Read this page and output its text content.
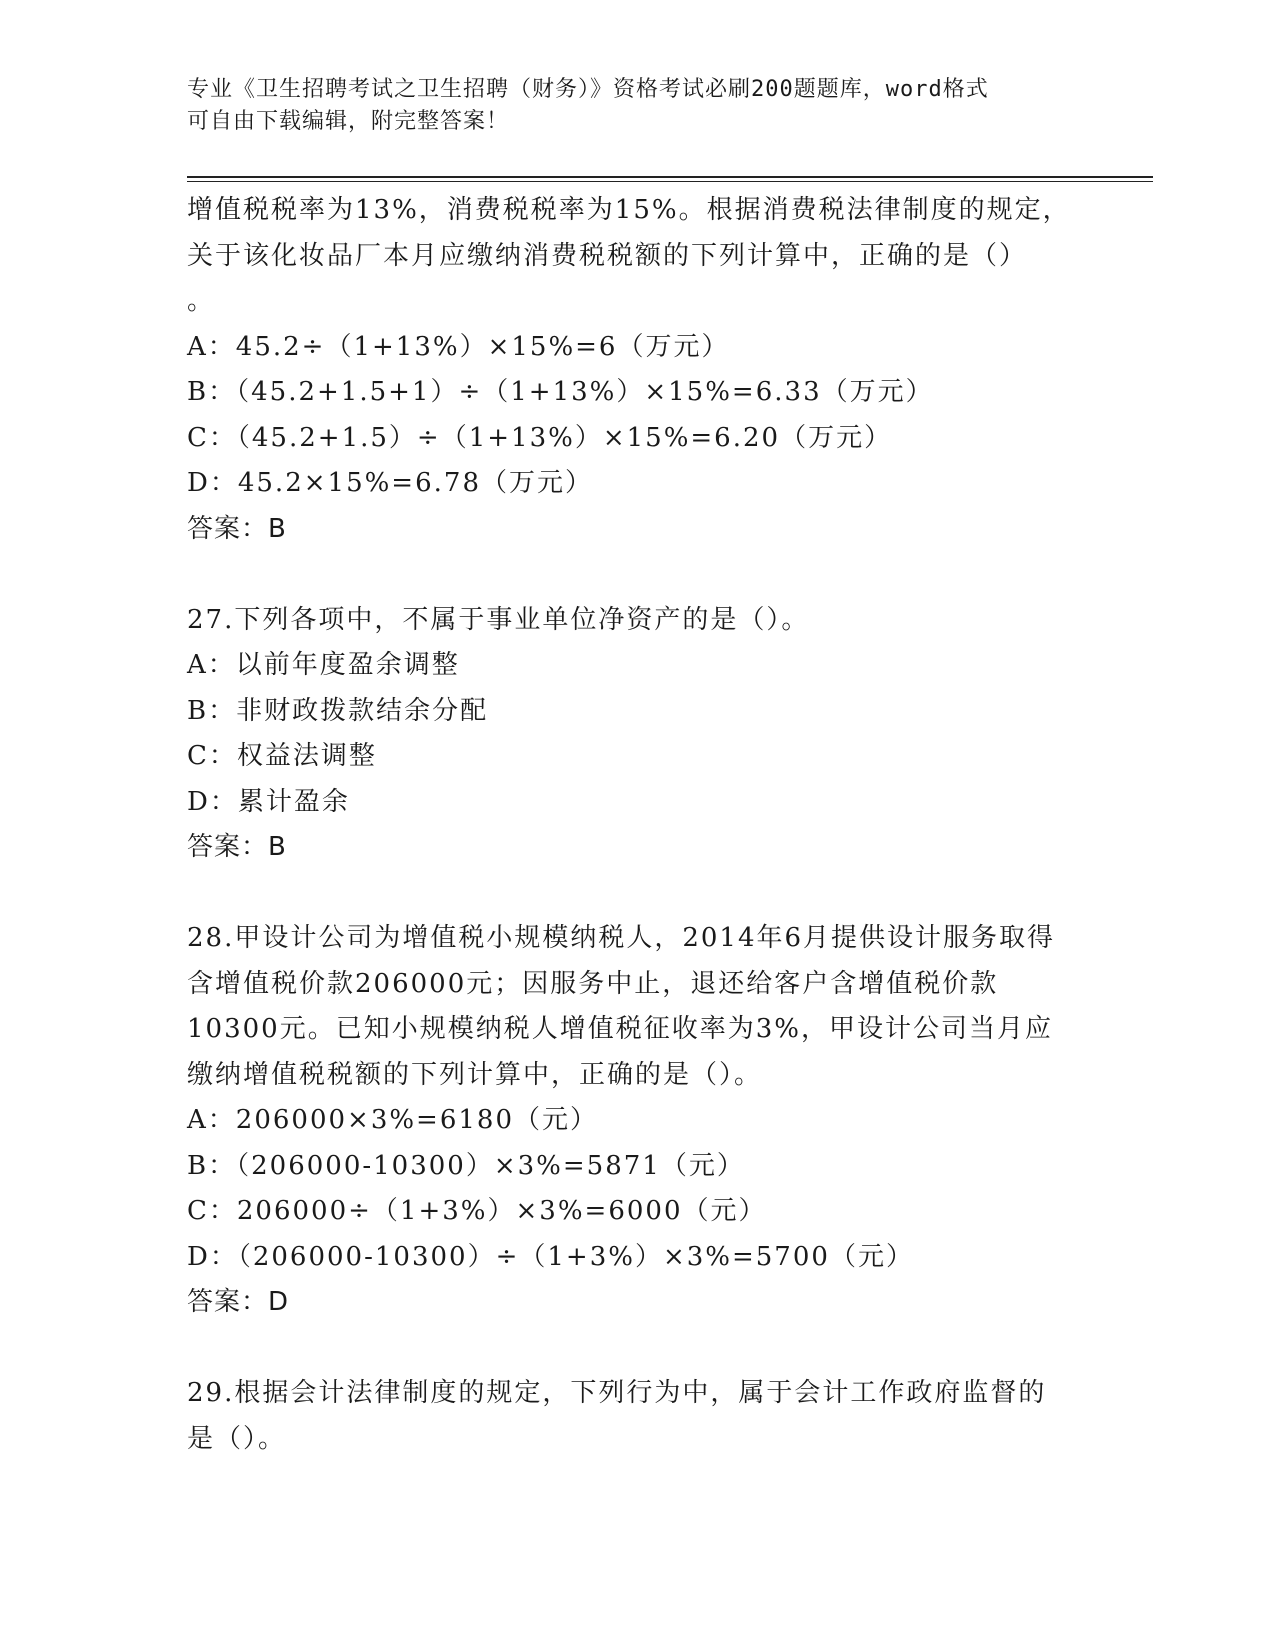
专业《卫生招聘考试之卫生招聘（财务）》资格考试必刷200题题库，word格式
可自由下载编辑，附完整答案！
增值税税率为13%，消费税税率为15%。根据消费税法律制度的规定，
关于该化妆品厂本月应缴纳消费税税额的下列计算中，正确的是（）
。
A：45.2÷（1+13%）×15%=6（万元）
B：（45.2+1.5+1）÷（1+13%）×15%=6.33（万元）
C：（45.2+1.5）÷（1+13%）×15%=6.20（万元）
D：45.2×15%=6.78（万元）
答案：B
27.下列各项中，不属于事业单位净资产的是（）。
A：以前年度盈余调整
B：非财政拨款结余分配
C：权益法调整
D：累计盈余
答案：B
28.甲设计公司为增值税小规模纳税人，2014年6月提供设计服务取得
含增值税价款206000元；因服务中止，退还给客户含增值税价款
10300元。已知小规模纳税人增值税征收率为3%，甲设计公司当月应
缴纳增值税税额的下列计算中，正确的是（）。
A：206000×3%=6180（元）
B：（206000-10300）×3%=5871（元）
C：206000÷（1+3%）×3%=6000（元）
D：（206000-10300）÷（1+3%）×3%=5700（元）
答案：D
29.根据会计法律制度的规定，下列行为中，属于会计工作政府监督的
是（）。
